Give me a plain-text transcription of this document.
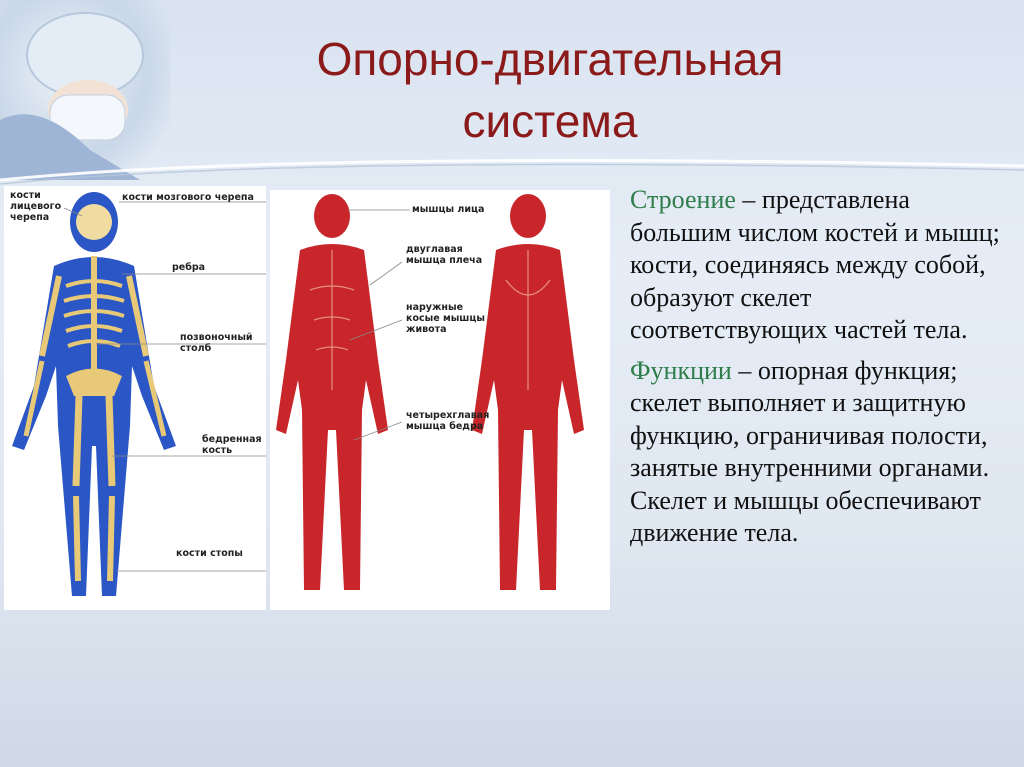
Опорно-двигательная
система
кости лицевого черепа
кости мозгового черепа
ребра
позвоночный столб
бедренная кость
кости стопы
мышцы лица
двуглавая мышца плеча
наружные косые мышцы живота
четырехглавая мышца бедра

Строение – представлена большим числом костей и мышц; кости, соединяясь между собой, образуют скелет соответствующих частей тела.

Функции – опорная функция; скелет выполняет и защитную функцию, ограничивая полости, занятые внутренними органами. Скелет и мышцы обеспечивают движение тела.
